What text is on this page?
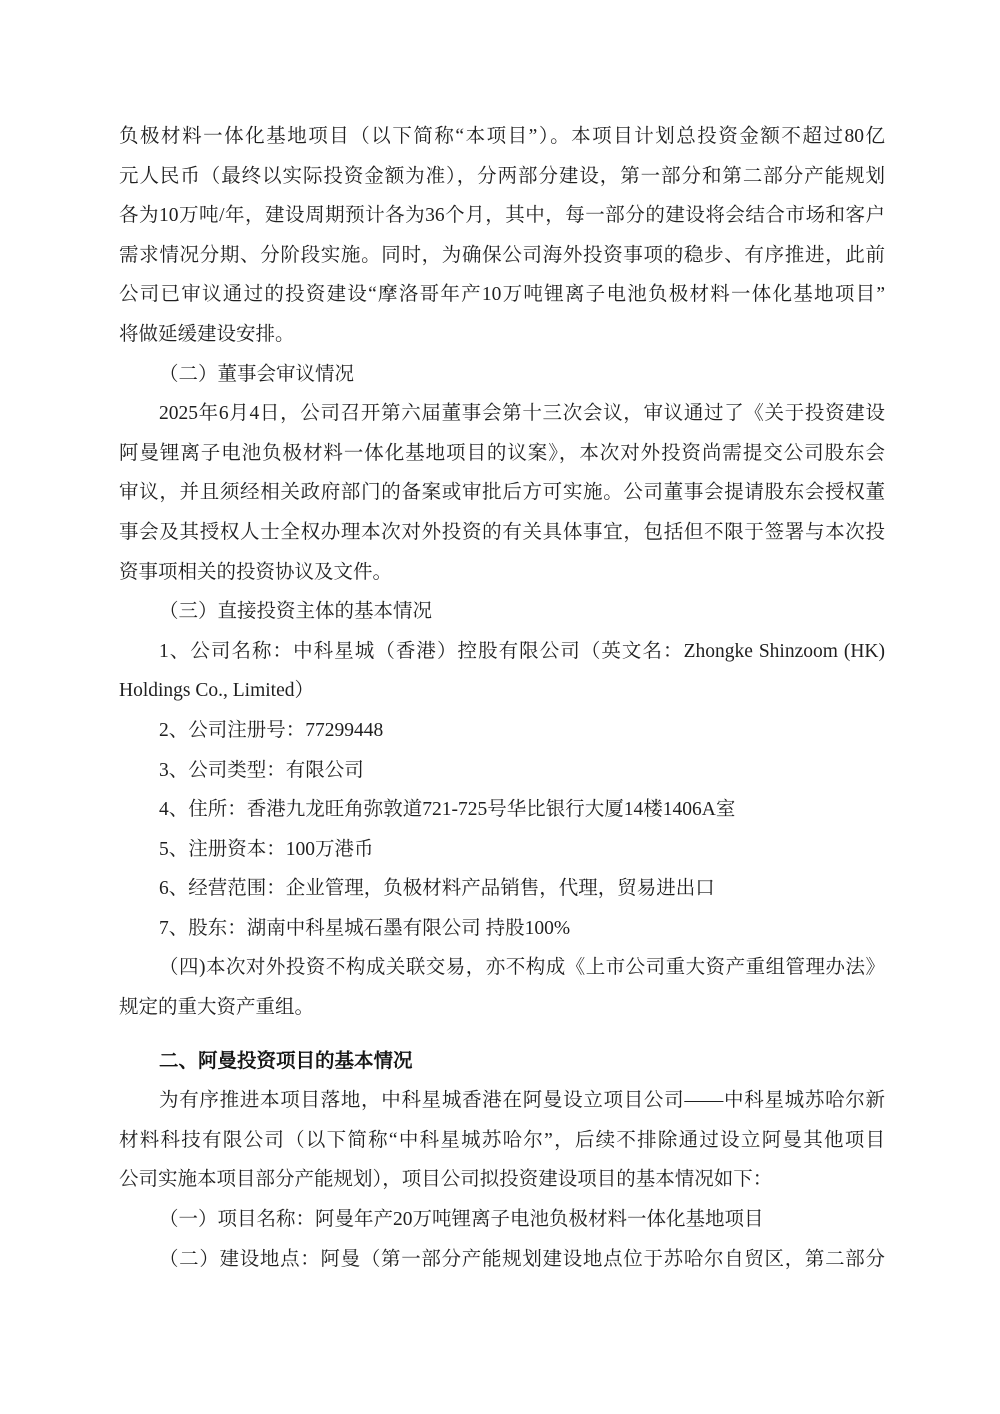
负极材料一体化基地项目（以下简称“本项目”）。本项目计划总投资金额不超过80亿
元人民币（最终以实际投资金额为准），分两部分建设，第一部分和第二部分产能规划
各为10万吨/年，建设周期预计各为36个月，其中，每一部分的建设将会结合市场和客户
需求情况分期、分阶段实施。同时，为确保公司海外投资事项的稳步、有序推进，此前
公司已审议通过的投资建设“摩洛哥年产10万吨锂离子电池负极材料一体化基地项目”
将做延缓建设安排。
（二）董事会审议情况
2025年6月4日，公司召开第六届董事会第十三次会议，审议通过了《关于投资建设
阿曼锂离子电池负极材料一体化基地项目的议案》，本次对外投资尚需提交公司股东会
审议，并且须经相关政府部门的备案或审批后方可实施。公司董事会提请股东会授权董
事会及其授权人士全权办理本次对外投资的有关具体事宜，包括但不限于签署与本次投
资事项相关的投资协议及文件。
（三）直接投资主体的基本情况
1、公司名称：中科星城（香港）控股有限公司（英文名：Zhongke Shinzoom (HK)
Holdings Co., Limited）
2、公司注册号：77299448
3、公司类型：有限公司
4、住所：香港九龙旺角弥敦道721-725号华比银行大厦14楼1406A室
5、注册资本：100万港币
6、经营范围：企业管理，负极材料产品销售，代理，贸易进出口
7、股东：湖南中科星城石墨有限公司 持股100%
（四)本次对外投资不构成关联交易，亦不构成《上市公司重大资产重组管理办法》
规定的重大资产重组。
二、阿曼投资项目的基本情况
为有序推进本项目落地，中科星城香港在阿曼设立项目公司——中科星城苏哈尔新
材料科技有限公司（以下简称“中科星城苏哈尔”，后续不排除通过设立阿曼其他项目
公司实施本项目部分产能规划），项目公司拟投资建设项目的基本情况如下：
（一）项目名称：阿曼年产20万吨锂离子电池负极材料一体化基地项目
（二）建设地点：阿曼（第一部分产能规划建设地点位于苏哈尔自贸区，第二部分
